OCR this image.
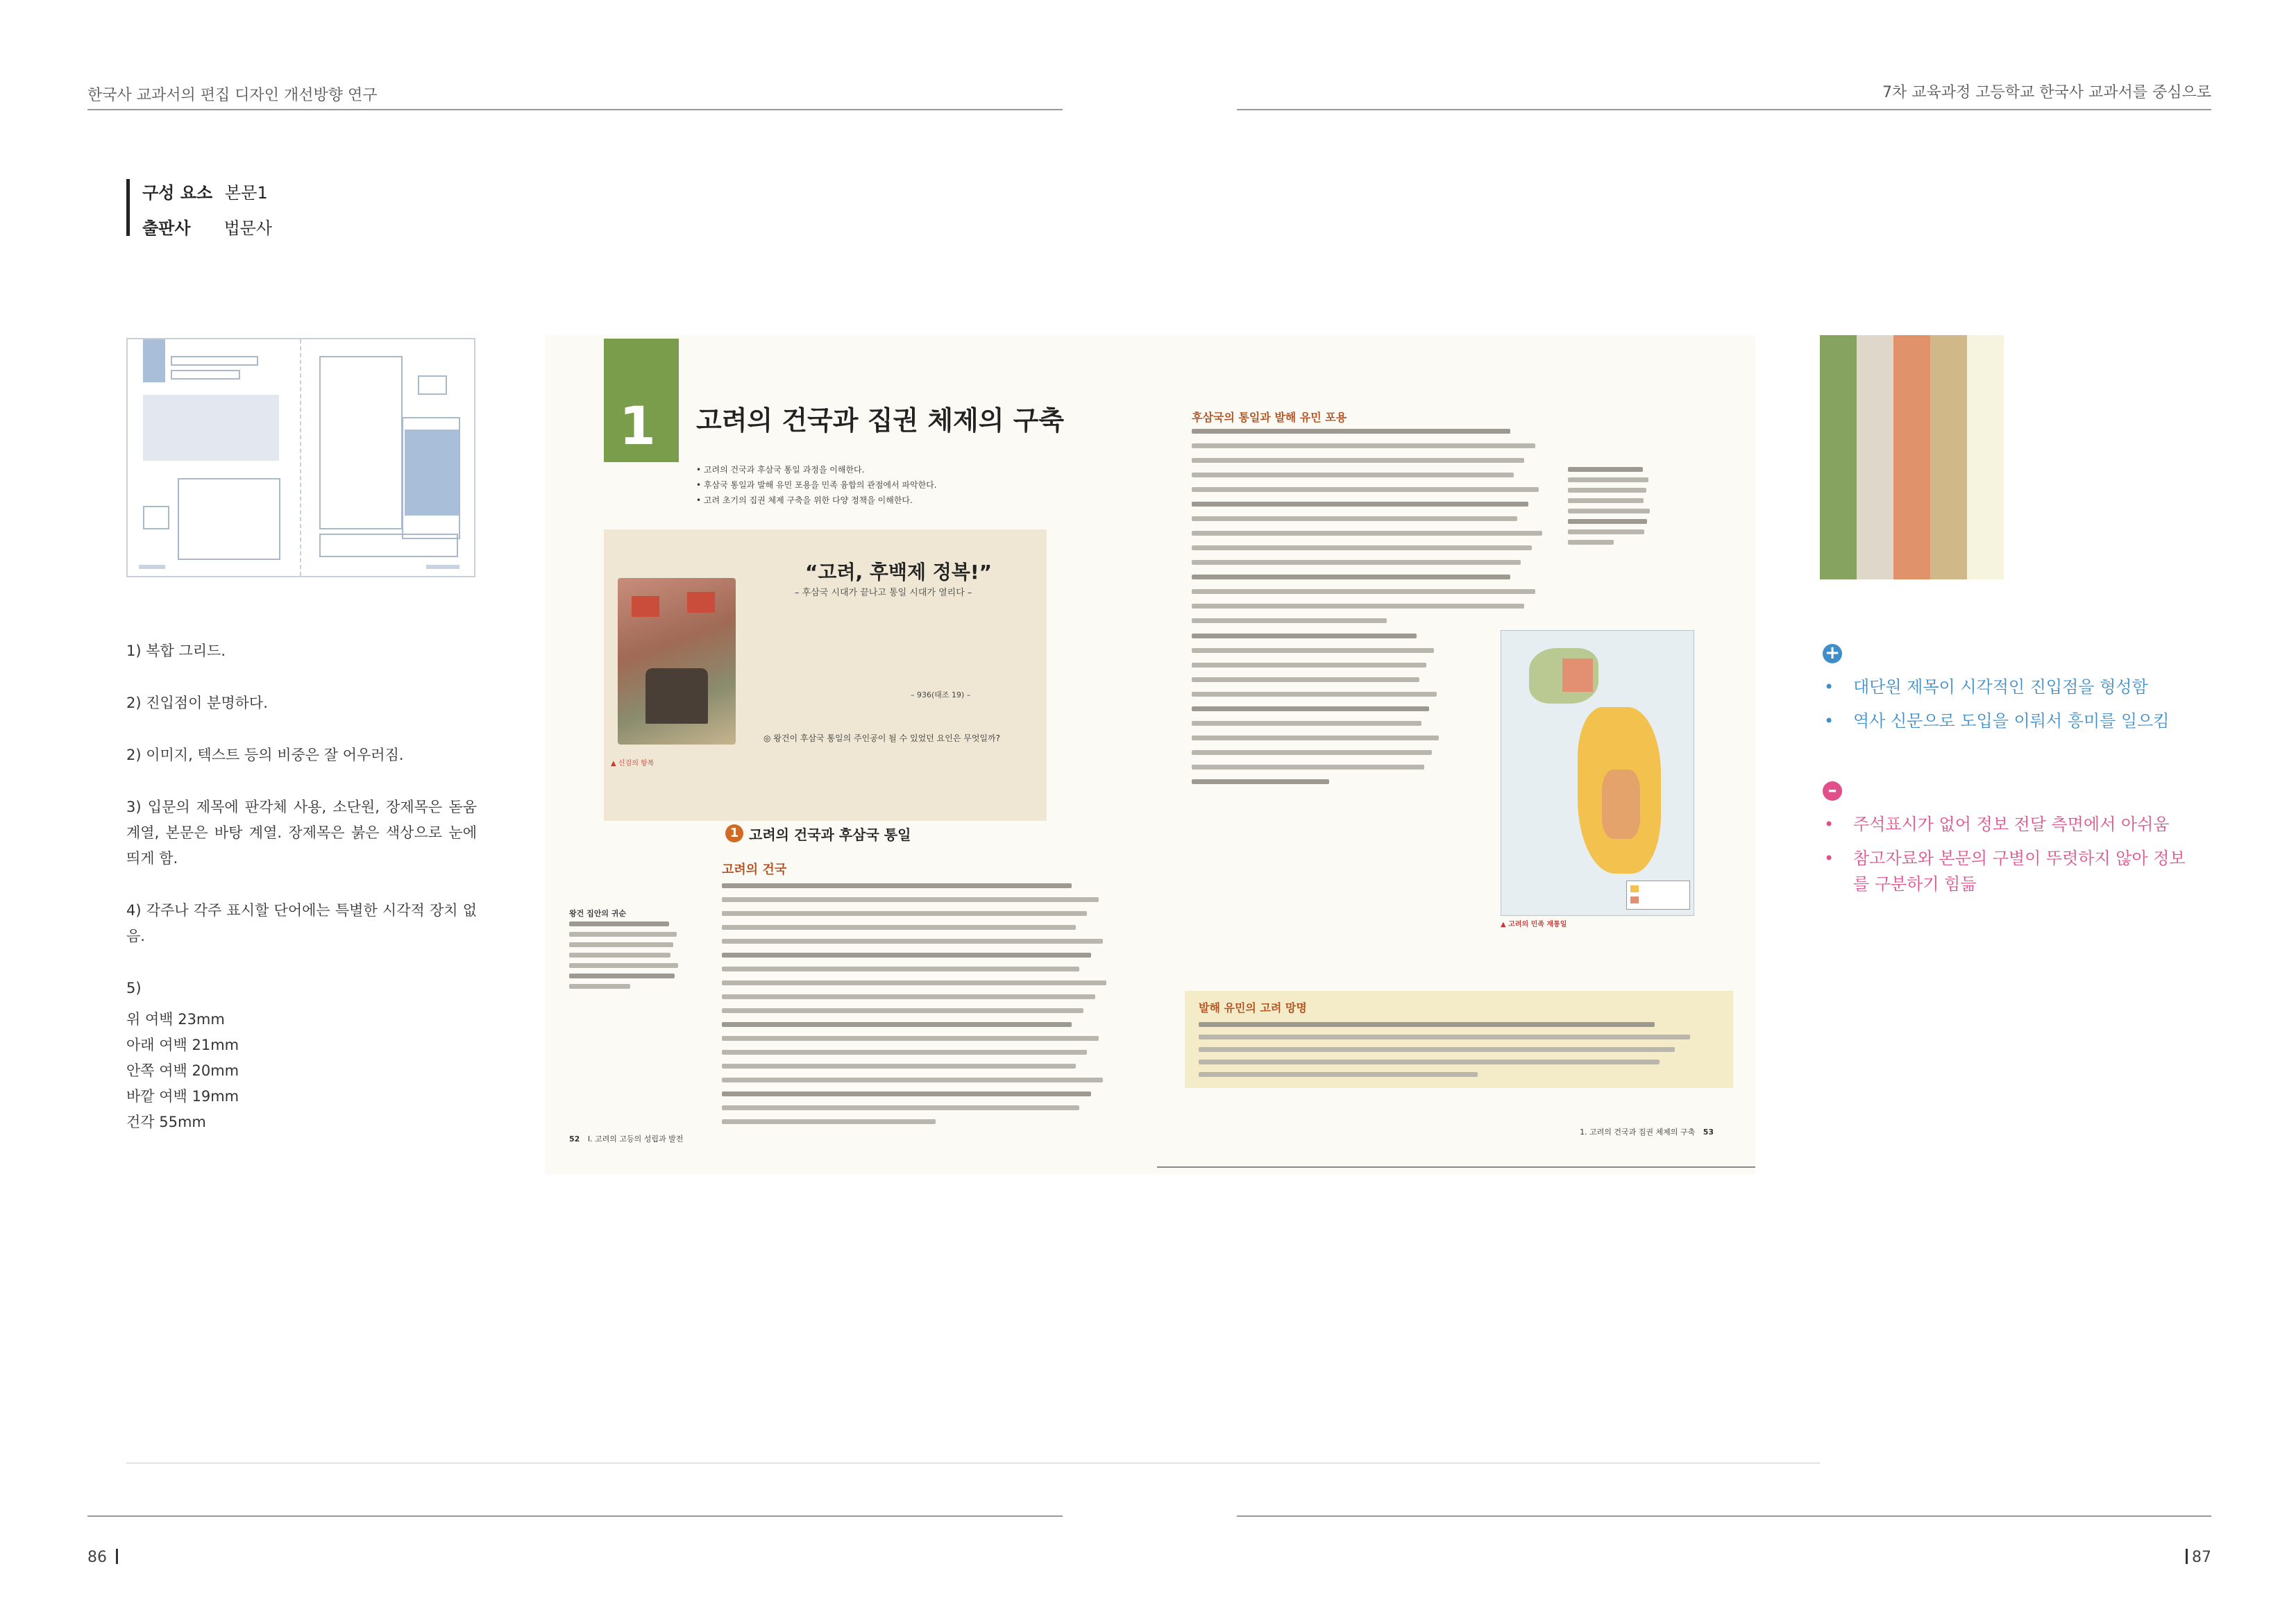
한국사 교과서의 편집 디자인 개선방향 연구	7차 교육과정 고등학교 한국사 교과서를 중심으로
구성 요소 본문1
출판사 법문사

1) 복합 그리드.

2) 진입점이 분명하다.

2) 이미지, 텍스트 등의 비중은 잘 어우러짐.

3) 입문의 제목에 판각체 사용, 소단원, 장제목은 돋움 계열, 본문은 바탕 계열. 장제목은 붉은 색상으로 눈에 띄게 함.

4) 각주나 각주 표시할 단어에는 특별한 시각적 장치 없음.

5)
위 여백 23mm
아래 여백 21mm
안쪽 여백 20mm
바깥 여백 19mm
건각 55mm
1 고려의 건국과 집권 체제의 구축
• 고려의 건국과 후삼국 통일 과정을 이해한다.
• 후삼국 통일과 발해 유민 포용을 민족 융합의 관점에서 파악한다.
• 고려 초기의 집권 체제 구축을 위한 다양 정책을 이해한다.
▲ 신검의 항복
“고려, 후백제 정복!”
– 후삼국 시대가 끝나고 통일 시대가 열리다 –
– 936(태조 19) –
◎ 왕건이 후삼국 통일의 주인공이 될 수 있었던 요인은 무엇일까?
1 고려의 건국과 후삼국 통일
고려의 건국
왕건 집안의 귀순
52 Ⅰ. 고려의 고등의 성립과 발전
후삼국의 통일과 발해 유민 포용
▲ 고려의 민족 재통일
발해 유민의 고려 망명
1. 고려의 건국과 집권 체제의 구축 53
+
• 대단원 제목이 시각적인 진입점을 형성함
• 역사 신문으로 도입을 이뤄서 흥미를 일으킴
–
• 주석표시가 없어 정보 전달 측면에서 아쉬움
• 참고자료와 본문의 구별이 뚜렷하지 않아 정보를 구분하기 힘듦
86	87
